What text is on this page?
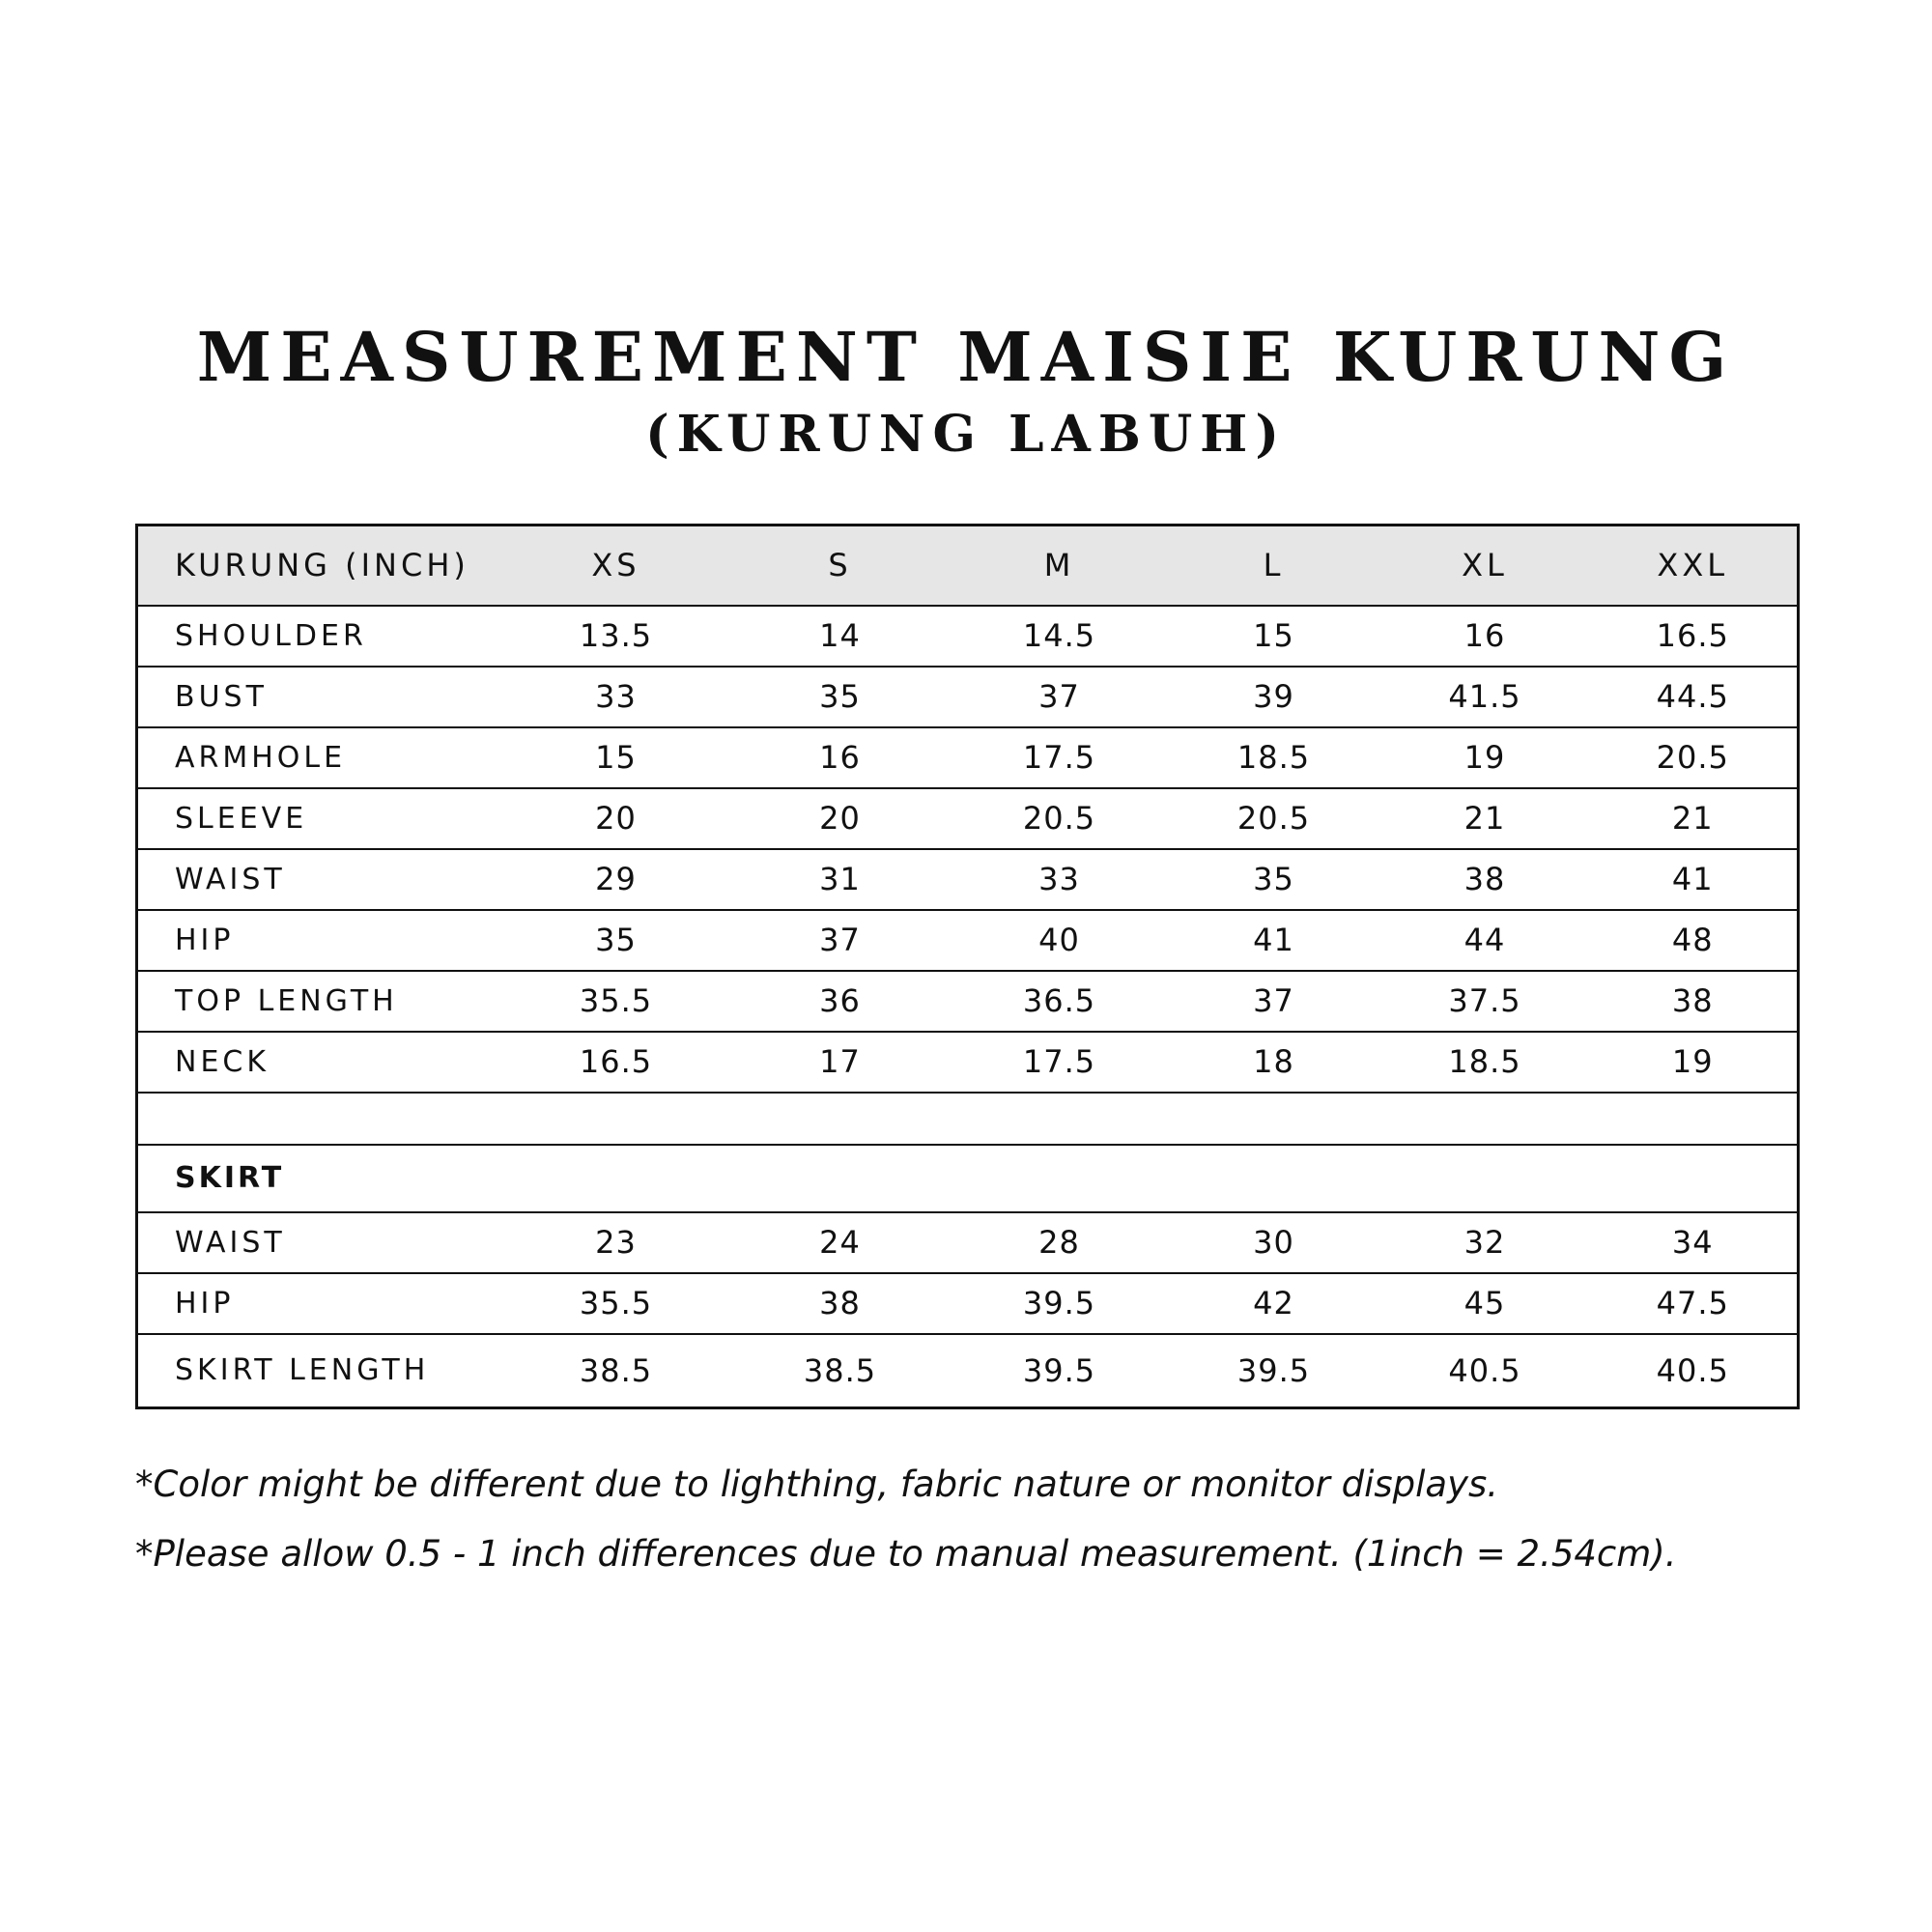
MEASUREMENT MAISIE KURUNG
(KURUNG LABUH)
KURUNG (INCH)	XS	S	M	L	XL	XXL
SHOULDER	13.5	14	14.5	15	16	16.5
BUST	33	35	37	39	41.5	44.5
ARMHOLE	15	16	17.5	18.5	19	20.5
SLEEVE	20	20	20.5	20.5	21	21
WAIST	29	31	33	35	38	41
HIP	35	37	40	41	44	48
TOP LENGTH	35.5	36	36.5	37	37.5	38
NECK	16.5	17	17.5	18	18.5	19

SKIRT						
WAIST	23	24	28	30	32	34
HIP	35.5	38	39.5	42	45	47.5
SKIRT LENGTH	38.5	38.5	39.5	39.5	40.5	40.5

*Color might be different due to lighthing, fabric nature or monitor displays.

*Please allow 0.5 - 1 inch differences due to manual measurement. (1inch = 2.54cm).
